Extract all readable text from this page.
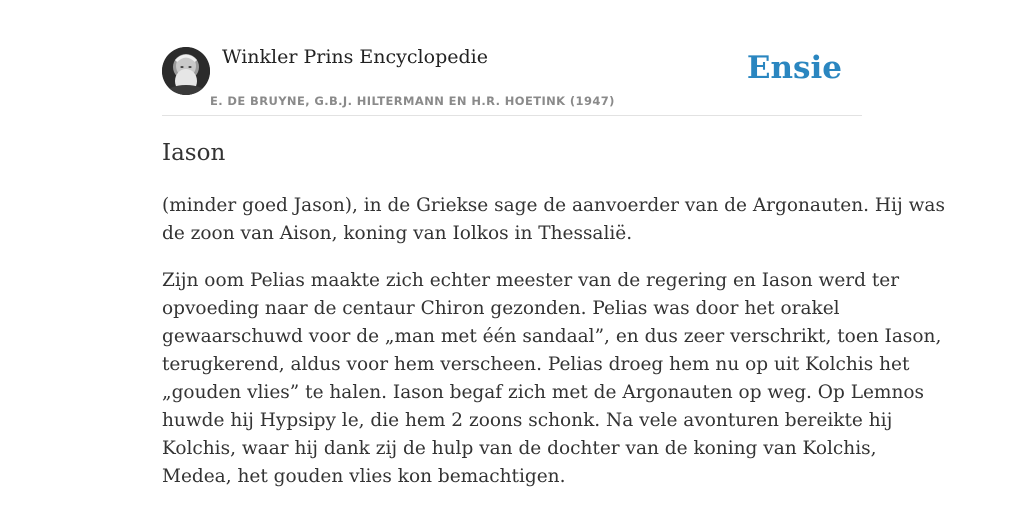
Winkler Prins Encyclopedie
E. DE BRUYNE, G.B.J. HILTERMANN EN H.R. HOETINK (1947)
Ensie
Iason

(minder goed Jason), in de Griekse sage de aanvoerder van de Argonauten. Hij was
de zoon van Aison, koning van Iolkos in Thessalië.

Zijn oom Pelias maakte zich echter meester van de regering en Iason werd ter
opvoeding naar de centaur Chiron gezonden. Pelias was door het orakel
gewaarschuwd voor de „man met één sandaal”, en dus zeer verschrikt, toen Iason,
terugkerend, aldus voor hem verscheen. Pelias droeg hem nu op uit Kolchis het
„gouden vlies” te halen. Iason begaf zich met de Argonauten op weg. Op Lemnos
huwde hij Hypsipy le, die hem 2 zoons schonk. Na vele avonturen bereikte hij
Kolchis, waar hij dank zij de hulp van de dochter van de koning van Kolchis,
Medea, het gouden vlies kon bemachtigen.
